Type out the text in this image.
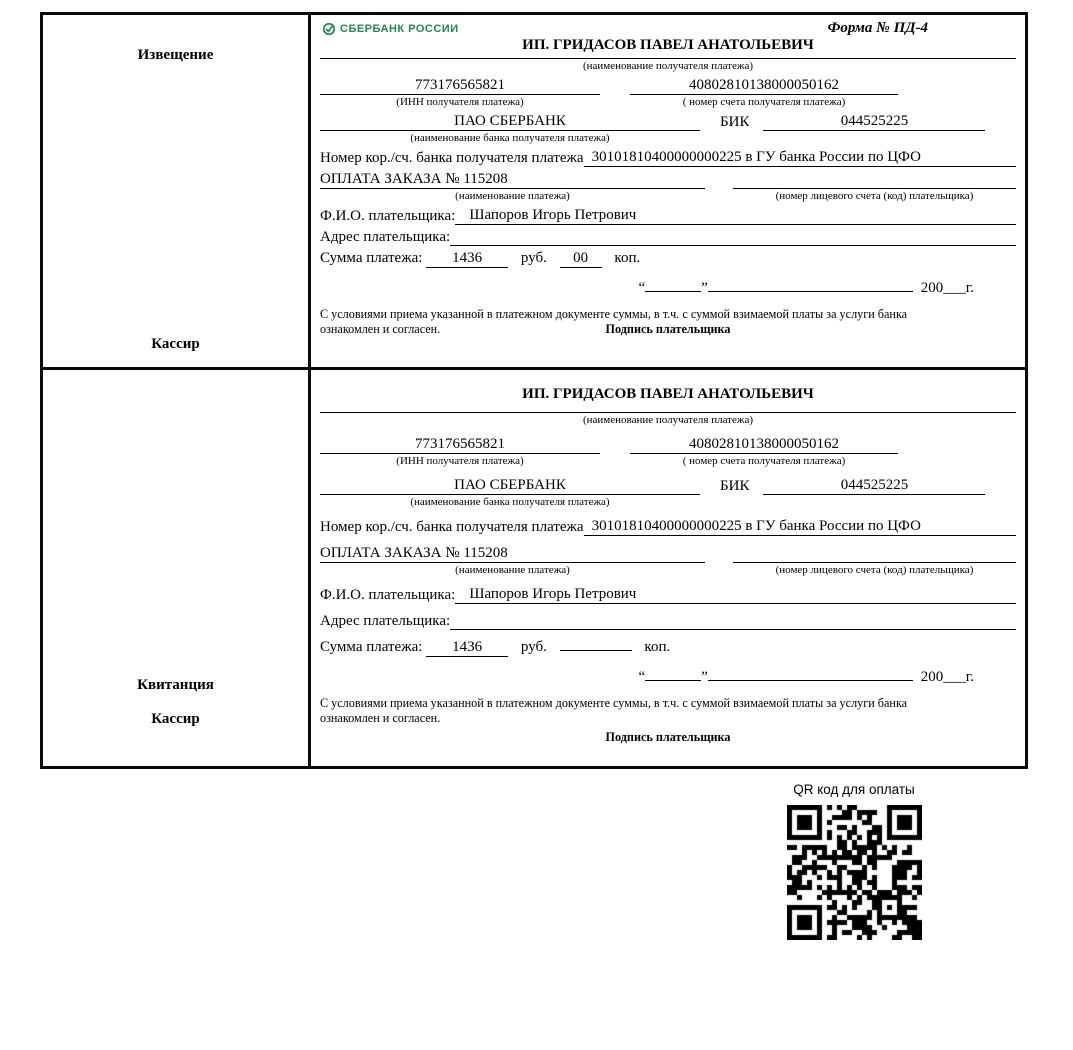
Извещение
Кассир
СБЕРБАНК РОССИИ	Форма № ПД-4
ИП. ГРИДАСОВ ПАВЕЛ АНАТОЛЬЕВИЧ
(наименование получателя платежа)
773176565821	40802810138000050162
(ИНН получателя платежа)	( номер счета получателя платежа)
ПАО СБЕРБАНК	БИК	044525225
(наименование банка получателя платежа)
Номер кор./сч. банка получателя платежа 30101810400000000225 в ГУ банка России по ЦФО
ОПЛАТА ЗАКАЗА № 115208
(наименование платежа)	(номер лицевого счета (код) плательщика)
Ф.И.О. плательщика: Шапоров Игорь Петрович
Адрес плательщика:
Сумма платежа: 1436	руб. 00 коп.
“	”	200___г.
С условиями приема указанной в платежном документе суммы, в т.ч. с суммой взимаемой платы за услуги банка
ознакомлен и согласен.	Подпись плательщика
Квитанция
Кассир
ИП. ГРИДАСОВ ПАВЕЛ АНАТОЛЬЕВИЧ
(наименование получателя платежа)
773176565821	40802810138000050162
(ИНН получателя платежа)	( номер счета получателя платежа)
ПАО СБЕРБАНК	БИК	044525225
(наименование банка получателя платежа)
Номер кор./сч. банка получателя платежа 30101810400000000225 в ГУ банка России по ЦФО
ОПЛАТА ЗАКАЗА № 115208
(наименование платежа)	(номер лицевого счета (код) плательщика)
Ф.И.О. плательщика: Шапоров Игорь Петрович
Адрес плательщика:
Сумма платежа: 1436	руб.	коп.
“	”	200___г.
С условиями приема указанной в платежном документе суммы, в т.ч. с суммой взимаемой платы за услуги банка
ознакомлен и согласен.
Подпись плательщика
QR код для оплаты
